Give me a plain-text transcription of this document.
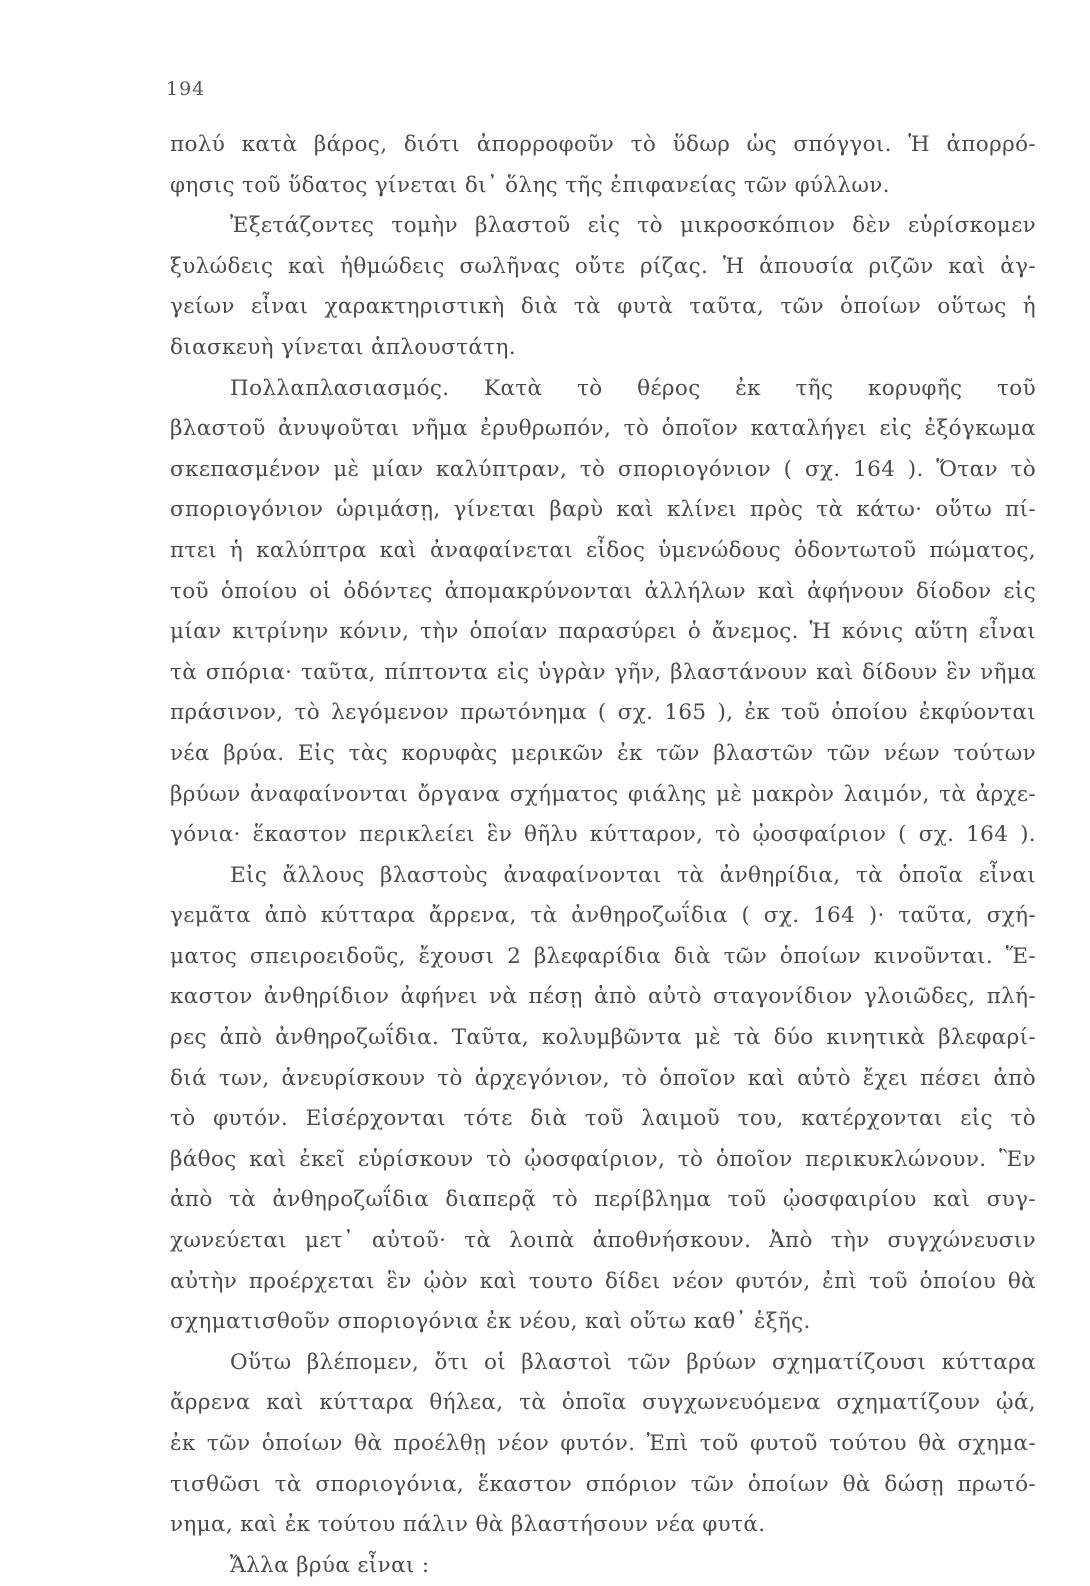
194
πολύ κατὰ βάρος, διότι ἀπορροφοῦν τὸ ὕδωρ ὡς σπόγγοι. Ἡ ἀπορρό-
φησις τοῦ ὕδατος γίνεται δι᾽ ὅλης τῆς ἐπιφανείας τῶν φύλλων.
Ἐξετάζοντες τομὴν βλαστοῦ εἰς τὸ μικροσκόπιον δὲν εὑρίσκομεν
ξυλώδεις καὶ ἠθμώδεις σωλῆνας οὔτε ρίζας. Ἡ ἀπουσία ριζῶν καὶ ἀγ-
γείων εἶναι χαρακτηριστικὴ διὰ τὰ φυτὰ ταῦτα, τῶν ὁποίων οὕτως ἡ
διασκευὴ γίνεται ἁπλουστάτη.
Πολλαπλασιασμός. Κατὰ τὸ θέρος ἐκ τῆς κορυφῆς τοῦ
βλαστοῦ ἀνυψοῦται νῆμα ἐρυθρωπόν, τὸ ὁποῖον καταλήγει εἰς ἐξόγκωμα
σκεπασμένον μὲ μίαν καλύπτραν, τὸ σποριογόνιον ( σχ. 164 ). Ὅταν τὸ
σποριογόνιον ὡριμάσῃ, γίνεται βαρὺ καὶ κλίνει πρὸς τὰ κάτω· οὕτω πί-
πτει ἡ καλύπτρα καὶ ἀναφαίνεται εἶδος ὑμενώδους ὀδοντωτοῦ πώματος,
τοῦ ὁποίου οἱ ὀδόντες ἀπομακρύνονται ἀλλήλων καὶ ἀφήνουν δίοδον εἰς
μίαν κιτρίνην κόνιν, τὴν ὁποίαν παρασύρει ὁ ἄνεμος. Ἡ κόνις αὕτη εἶναι
τὰ σπόρια· ταῦτα, πίπτοντα εἰς ὑγρὰν γῆν, βλαστάνουν καὶ δίδουν ἓν νῆμα
πράσινον, τὸ λεγόμενον πρωτόνημα ( σχ. 165 ), ἐκ τοῦ ὁποίου ἐκφύονται
νέα βρύα. Εἰς τὰς κορυφὰς μερικῶν ἐκ τῶν βλαστῶν τῶν νέων τούτων
βρύων ἀναφαίνονται ὄργανα σχήματος φιάλης μὲ μακρὸν λαιμόν, τὰ ἀρχε-
γόνια· ἕκαστον περικλείει ἓν θῆλυ κύτταρον, τὸ ᾠοσφαίριον ( σχ. 164 ).
Εἰς ἄλλους βλαστοὺς ἀναφαίνονται τὰ ἀνθηρίδια, τὰ ὁποῖα εἶναι
γεμᾶτα ἀπὸ κύτταρα ἄρρενα, τὰ ἀνθηροζωΐδια ( σχ. 164 )· ταῦτα, σχή-
ματος σπειροειδοῦς, ἔχουσι 2 βλεφαρίδια διὰ τῶν ὁποίων κινοῦνται. Ἕ-
καστον ἀνθηρίδιον ἀφήνει νὰ πέσῃ ἀπὸ αὐτὸ σταγονίδιον γλοιῶδες, πλή-
ρες ἀπὸ ἀνθηροζωΐδια. Ταῦτα, κολυμβῶντα μὲ τὰ δύο κινητικὰ βλεφαρί-
διά των, ἀνευρίσκουν τὸ ἀρχεγόνιον, τὸ ὁποῖον καὶ αὐτὸ ἔχει πέσει ἀπὸ
τὸ φυτόν. Εἰσέρχονται τότε διὰ τοῦ λαιμοῦ του, κατέρχονται εἰς τὸ
βάθος καὶ ἐκεῖ εὑρίσκουν τὸ ᾠοσφαίριον, τὸ ὁποῖον περικυκλώνουν. Ἓν
ἀπὸ τὰ ἀνθηροζωΐδια διαπερᾷ τὸ περίβλημα τοῦ ᾠοσφαιρίου καὶ συγ-
χωνεύεται μετ᾽ αὐτοῦ· τὰ λοιπὰ ἀποθνήσκουν. Ἀπὸ τὴν συγχώνευσιν
αὐτὴν προέρχεται ἓν ᾠὸν καὶ τουτο δίδει νέον φυτόν, ἐπὶ τοῦ ὁποίου θὰ
σχηματισθοῦν σποριογόνια ἐκ νέου, καὶ οὕτω καθ᾽ ἑξῆς.
Οὕτω βλέπομεν, ὅτι οἱ βλαστοὶ τῶν βρύων σχηματίζουσι κύτταρα
ἄρρενα καὶ κύτταρα θήλεα, τὰ ὁποῖα συγχωνευόμενα σχηματίζουν ᾠά,
ἐκ τῶν ὁποίων θὰ προέλθῃ νέον φυτόν. Ἐπὶ τοῦ φυτοῦ τούτου θὰ σχημα-
τισθῶσι τὰ σποριογόνια, ἕκαστον σπόριον τῶν ὁποίων θὰ δώσῃ πρωτό-
νημα, καὶ ἐκ τούτου πάλιν θὰ βλαστήσουν νέα φυτά.
Ἄλλα βρύα εἶναι :
